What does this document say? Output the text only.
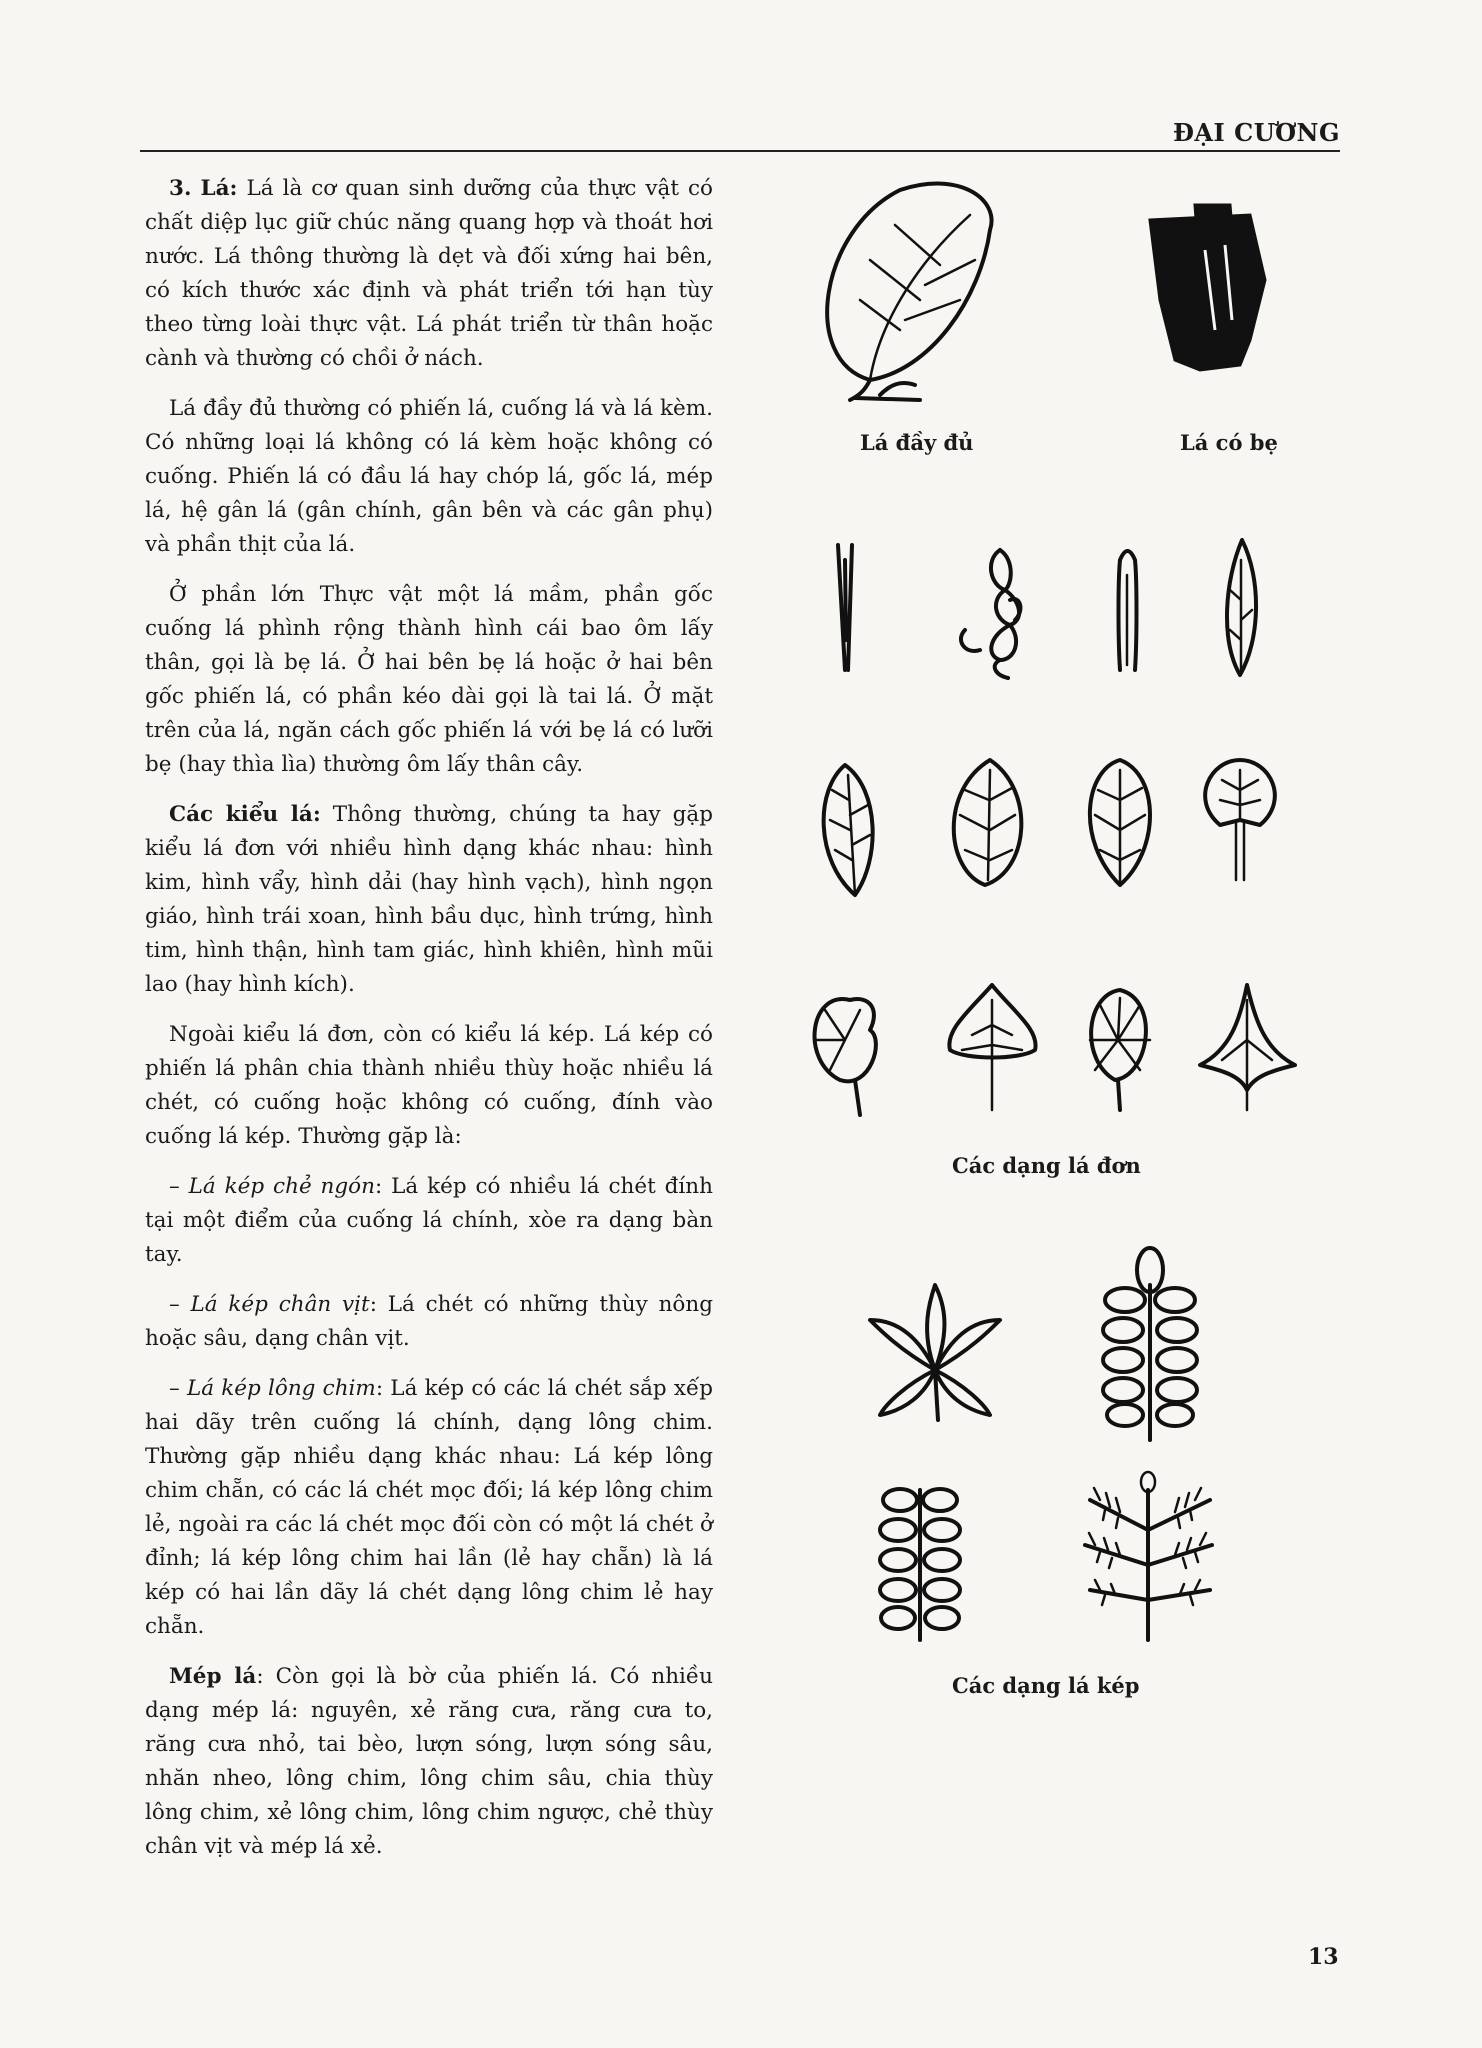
ĐẠI CƯƠNG

3. Lá: Lá là cơ quan sinh dưỡng của thực vật có chất diệp lục giữ chúc năng quang hợp và thoát hơi nước. Lá thông thường là dẹt và đối xứng hai bên, có kích thước xác định và phát triển tới hạn tùy theo từng loài thực vật. Lá phát triển từ thân hoặc cành và thường có chồi ở nách.

Lá đầy đủ thường có phiến lá, cuống lá và lá kèm. Có những loại lá không có lá kèm hoặc không có cuống. Phiến lá có đầu lá hay chóp lá, gốc lá, mép lá, hệ gân lá (gân chính, gân bên và các gân phụ) và phần thịt của lá.

Ở phần lớn Thực vật một lá mầm, phần gốc cuống lá phình rộng thành hình cái bao ôm lấy thân, gọi là bẹ lá. Ở hai bên bẹ lá hoặc ở hai bên gốc phiến lá, có phần kéo dài gọi là tai lá. Ở mặt trên của lá, ngăn cách gốc phiến lá với bẹ lá có lưỡi bẹ (hay thìa lìa) thường ôm lấy thân cây.

Các kiểu lá: Thông thường, chúng ta hay gặp kiểu lá đơn với nhiều hình dạng khác nhau: hình kim, hình vẩy, hình dải (hay hình vạch), hình ngọn giáo, hình trái xoan, hình bầu dục, hình trứng, hình tim, hình thận, hình tam giác, hình khiên, hình mũi lao (hay hình kích).

Ngoài kiểu lá đơn, còn có kiểu lá kép. Lá kép có phiến lá phân chia thành nhiều thùy hoặc nhiều lá chét, có cuống hoặc không có cuống, đính vào cuống lá kép. Thường gặp là:

– Lá kép chẻ ngón: Lá kép có nhiều lá chét đính tại một điểm của cuống lá chính, xòe ra dạng bàn tay.

– Lá kép chân vịt: Lá chét có những thùy nông hoặc sâu, dạng chân vịt.

– Lá kép lông chim: Lá kép có các lá chét sắp xếp hai dãy trên cuống lá chính, dạng lông chim. Thường gặp nhiều dạng khác nhau: Lá kép lông chim chẵn, có các lá chét mọc đối; lá kép lông chim lẻ, ngoài ra các lá chét mọc đối còn có một lá chét ở đỉnh; lá kép lông chim hai lần (lẻ hay chẵn) là lá kép có hai lần dãy lá chét dạng lông chim lẻ hay chẵn.

Mép lá: Còn gọi là bờ của phiến lá. Có nhiều dạng mép lá: nguyên, xẻ răng cưa, răng cưa to, răng cưa nhỏ, tai bèo, lượn sóng, lượn sóng sâu, nhăn nheo, lông chim, lông chim sâu, chia thùy lông chim, xẻ lông chim, lông chim ngược, chẻ thùy chân vịt và mép lá xẻ.

Lá đầy đủ	Lá có bẹ
Các dạng lá đơn
Các dạng lá kép
13
